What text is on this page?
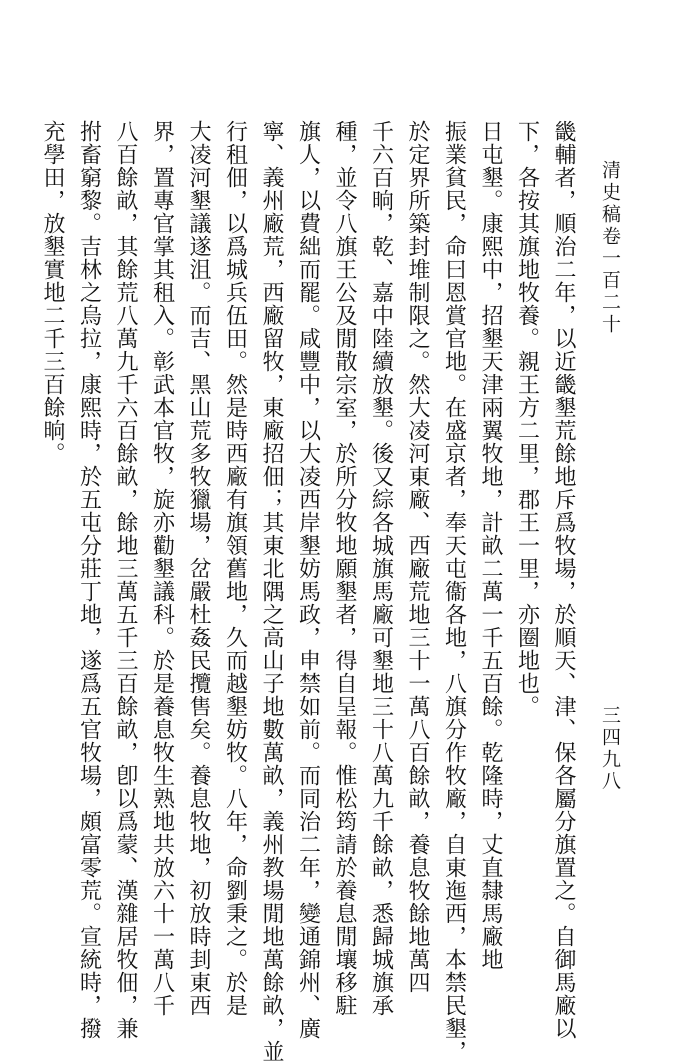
清史稿卷一百二十
三四九八
畿輔者，順治二年，以近畿墾荒餘地斥爲牧場，於順天、津、保各屬分旗置之。自御馬廠以
下，各按其旗地牧養。親王方二里，郡王一里，亦圈地也。
日屯墾。康熙中，招墾天津兩翼牧地，計畝二萬一千五百餘。乾隆時，丈直隸馬廠地
振業貧民，命曰恩賞官地。在盛京者，奉天屯衞各地，八旗分作牧廠，自東迤西，本禁民墾，
於定界所築封堆制限之。然大凌河東廠、西廠荒地三十一萬八百餘畝，養息牧餘地萬四
千六百晌，乾、嘉中陸續放墾。後又綜各城旗馬廠可墾地三十八萬九千餘畝，悉歸城旗承
種，並令八旗王公及閒散宗室，於所分牧地願墾者，得自呈報。惟松筠請於養息閒壤移駐
旗人，以費絀而罷。咸豐中，以大凌西岸墾妨馬政，申禁如前。而同治二年，變通錦州、廣
寧、義州廠荒，西廠留牧，東廠招佃；其東北隅之高山子地數萬畝，義州教場閒地萬餘畝，並
行租佃，以爲城兵伍田。然是時西廠有旗領舊地，久而越墾妨牧。八年，命劉秉之。於是
大凌河墾議遂沮。而吉、黑山荒多牧獵場，岔嚴杜姦民攬售矣。養息牧地，初放時刲東西
界，置專官掌其租入。彰武本官牧，旋亦勸墾議科。於是養息牧生熟地共放六十一萬八千
八百餘畝，其餘荒八萬九千六百餘畝，餘地三萬五千三百餘畝，卽以爲蒙、漢雜居牧佃，兼
拊畜窮黎。吉林之烏拉，康熙時，於五屯分莊丁地，遂爲五官牧場，頗富零荒。宣統時，撥
充學田，放墾實地二千三百餘晌。
